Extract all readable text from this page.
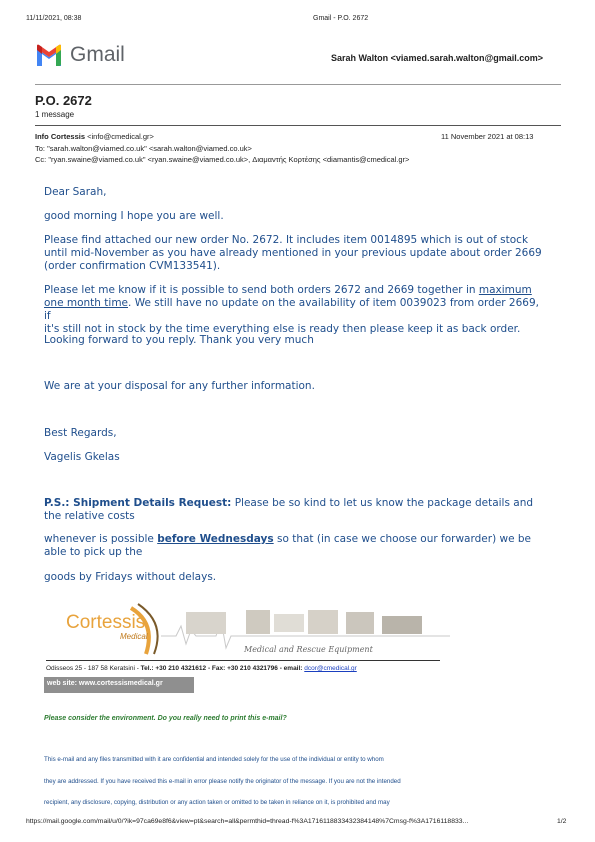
11/11/2021, 08:38	Gmail - P.O. 2672
Gmail	Sarah Walton <viamed.sarah.walton@gmail.com>
P.O. 2672
1 message
Info Cortessis <info@cmedical.gr>	11 November 2021 at 08:13
To: "sarah.walton@viamed.co.uk" <sarah.walton@viamed.co.uk>
Cc: "ryan.swaine@viamed.co.uk" <ryan.swaine@viamed.co.uk>, Διαμαντής Κορτέσης <diamantis@cmedical.gr>
Dear Sarah,
good morning I hope you are well.

Please find attached our new order No. 2672. It includes item 0014895 which is out of stock

until mid-November as you have already mentioned in your previous update about order 2669

(order confirmation CVM133541).

Please let me know if it is possible to send both orders 2672 and 2669 together in maximum

one month time. We still have no update on the availability of item 0039023 from order 2669, if

it's still not in stock by the time everything else is ready then please keep it as back order.

Looking forward to you reply. Thank you very much
We are at your disposal for any further information.
Best Regards,
Vagelis Gkelas

P.S.: Shipment Details Request: Please be so kind to let us know the package details and

the relative costs

whenever is possible before Wednesdays so that (in case we choose our forwarder) we be

able to pick up the

goods by Fridays without delays.
Cortessis
Medical
Medical and Rescue Equipment
Odisseos 25 - 187 58 Keratsini - Tel.: +30 210 4321612 - Fax: +30 210 4321796 - email: dcor@cmedical.gr
web site: www.cortessismedical.gr
Please consider the environment. Do you really need to print this e-mail?
This e-mail and any files transmitted with it are confidential and intended solely for the use of the individual or entity to whom
they are addressed. If you have received this e-mail in error please notify the originator of the message. If you are not the intended
recipient, any disclosure, copying, distribution or any action taken or omitted to be taken in reliance on it, is prohibited and may
https://mail.google.com/mail/u/0/?ik=97ca69e8f6&view=pt&search=all&permthid=thread-f%3A1716118833432384148%7Cmsg-f%3A1716118833...	1/2
